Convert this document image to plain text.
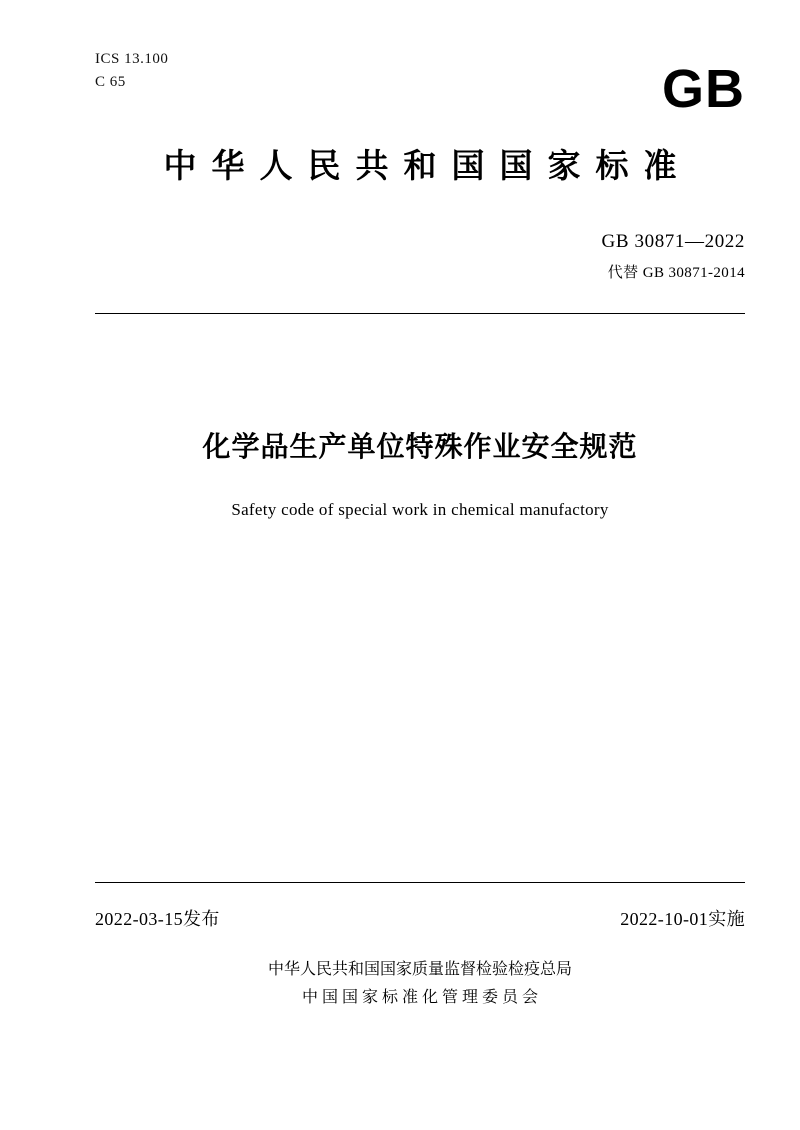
ICS 13.100
C 65	GB
中华人民共和国国家标准
GB 30871—2022
代替 GB 30871-2014
化学品生产单位特殊作业安全规范
Safety code of special work in chemical manufactory
2022-03-15发布	2022-10-01实施
中华人民共和国国家质量监督检验检疫总局
中国国家标准化管理委员会
